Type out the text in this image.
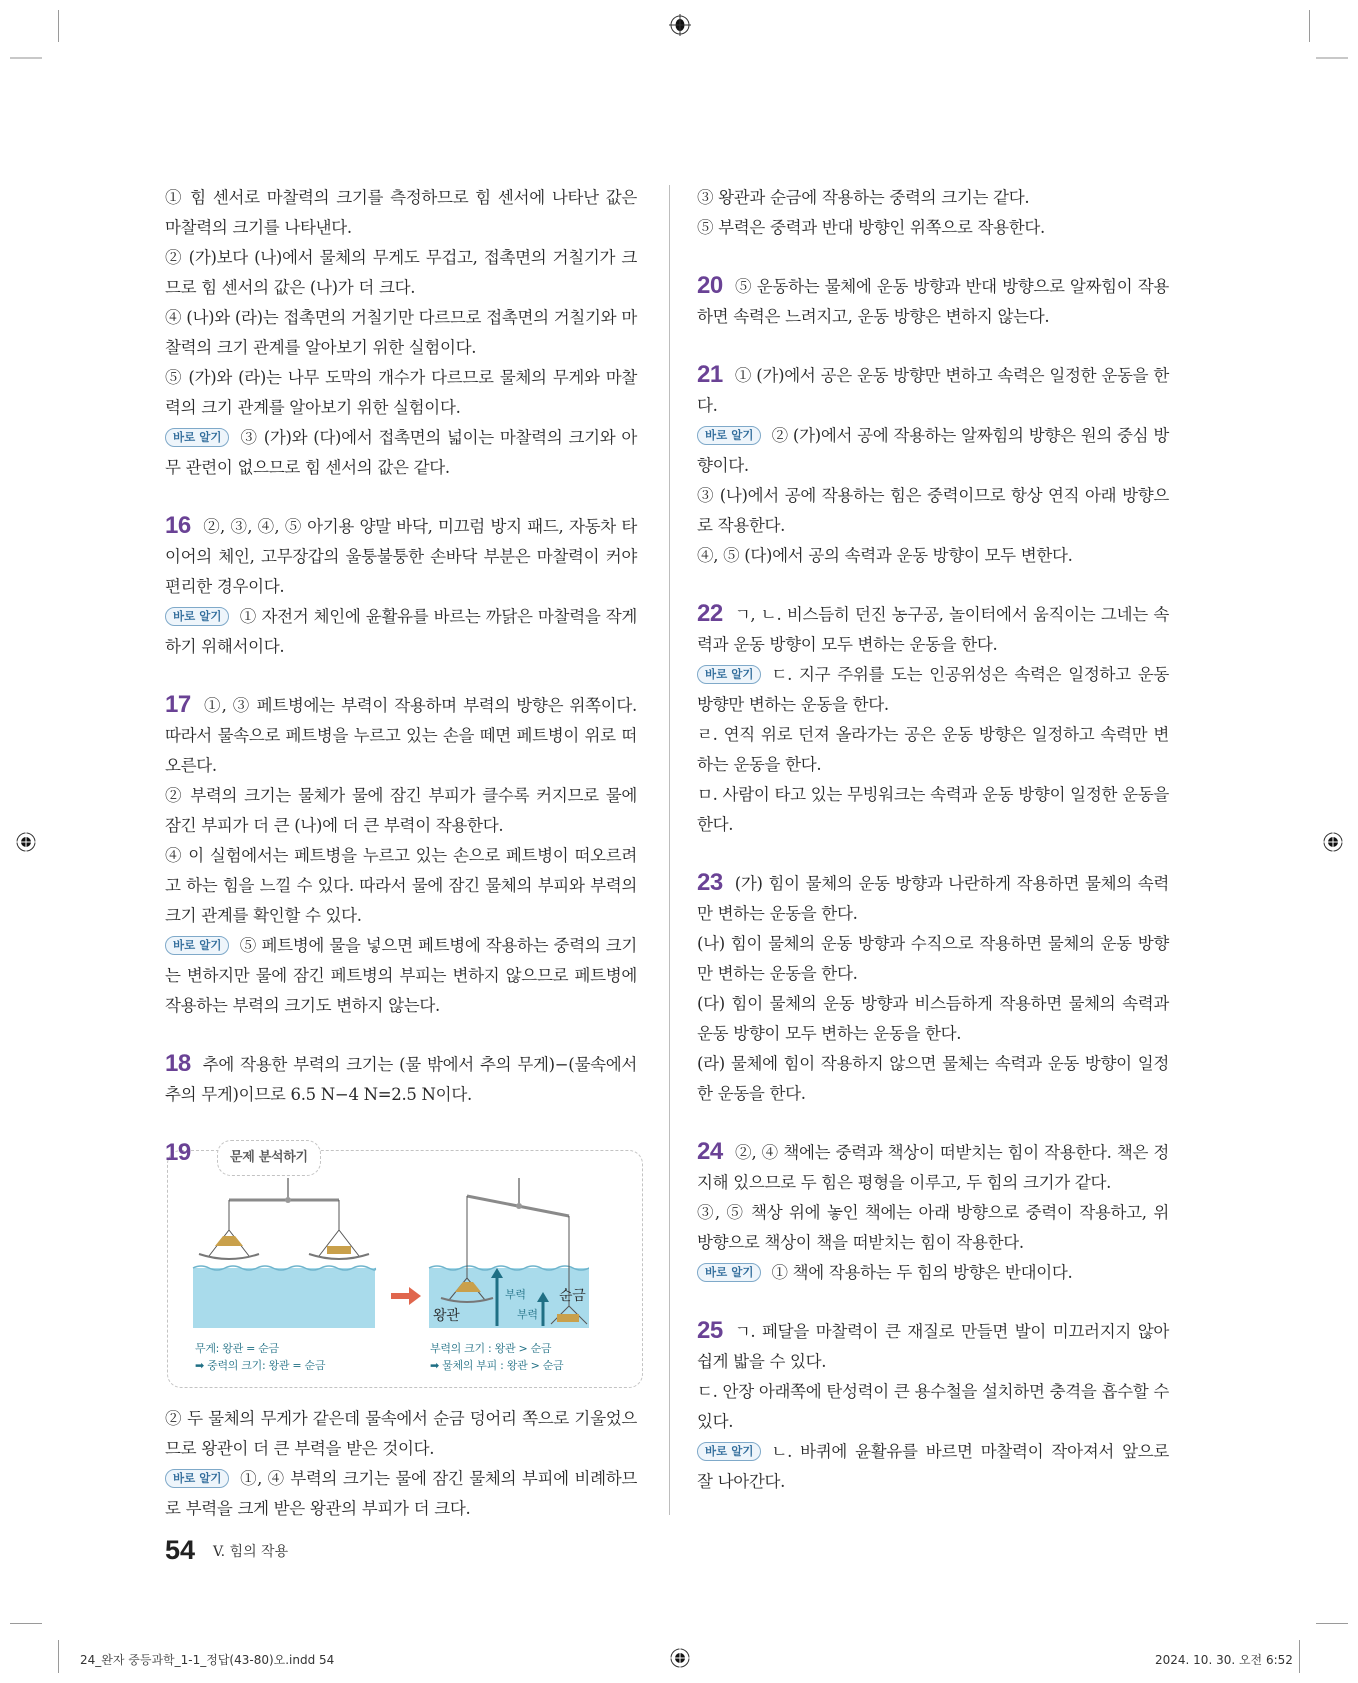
① 힘 센서로 마찰력의 크기를 측정하므로 힘 센서에 나타난 값은 마찰력의 크기를 나타낸다.

② (가)보다 (나)에서 물체의 무게도 무겁고, 접촉면의 거칠기가 크므로 힘 센서의 값은 (나)가 더 크다.

④ (나)와 (라)는 접촉면의 거칠기만 다르므로 접촉면의 거칠기와 마찰력의 크기 관계를 알아보기 위한 실험이다.

⑤ (가)와 (라)는 나무 도막의 개수가 다르므로 물체의 무게와 마찰력의 크기 관계를 알아보기 위한 실험이다.

바로 알기 ③ (가)와 (다)에서 접촉면의 넓이는 마찰력의 크기와 아무 관련이 없으므로 힘 센서의 값은 같다.

16 ②, ③, ④, ⑤ 아기용 양말 바닥, 미끄럼 방지 패드, 자동차 타이어의 체인, 고무장갑의 울퉁불퉁한 손바닥 부분은 마찰력이 커야 편리한 경우이다.

바로 알기 ① 자전거 체인에 윤활유를 바르는 까닭은 마찰력을 작게 하기 위해서이다.

17 ①, ③ 페트병에는 부력이 작용하며 부력의 방향은 위쪽이다. 따라서 물속으로 페트병을 누르고 있는 손을 떼면 페트병이 위로 떠오른다.

② 부력의 크기는 물체가 물에 잠긴 부피가 클수록 커지므로 물에 잠긴 부피가 더 큰 (나)에 더 큰 부력이 작용한다.

④ 이 실험에서는 페트병을 누르고 있는 손으로 페트병이 떠오르려고 하는 힘을 느낄 수 있다. 따라서 물에 잠긴 물체의 부피와 부력의 크기 관계를 확인할 수 있다.

바로 알기 ⑤ 페트병에 물을 넣으면 페트병에 작용하는 중력의 크기는 변하지만 물에 잠긴 페트병의 부피는 변하지 않으므로 페트병에 작용하는 부력의 크기도 변하지 않는다.

18 추에 작용한 부력의 크기는 (물 밖에서 추의 무게)−(물속에서 추의 무게)이므로 6.5 N−4 N=2.5 N이다.

19	문제 분석하기
왕관
순금
부력
부력
무게: 왕관 = 순금
➡ 중력의 크기: 왕관 = 순금
부력의 크기 : 왕관 > 순금
➡ 물체의 부피 : 왕관 > 순금

② 두 물체의 무게가 같은데 물속에서 순금 덩어리 쪽으로 기울었으므로 왕관이 더 큰 부력을 받은 것이다.

바로 알기 ①, ④ 부력의 크기는 물에 잠긴 물체의 부피에 비례하므로 부력을 크게 받은 왕관의 부피가 더 크다.

③ 왕관과 순금에 작용하는 중력의 크기는 같다.

⑤ 부력은 중력과 반대 방향인 위쪽으로 작용한다.

20 ⑤ 운동하는 물체에 운동 방향과 반대 방향으로 알짜힘이 작용하면 속력은 느려지고, 운동 방향은 변하지 않는다.

21 ① (가)에서 공은 운동 방향만 변하고 속력은 일정한 운동을 한다.

바로 알기 ② (가)에서 공에 작용하는 알짜힘의 방향은 원의 중심 방향이다.

③ (나)에서 공에 작용하는 힘은 중력이므로 항상 연직 아래 방향으로 작용한다.

④, ⑤ (다)에서 공의 속력과 운동 방향이 모두 변한다.

22 ㄱ, ㄴ. 비스듬히 던진 농구공, 놀이터에서 움직이는 그네는 속력과 운동 방향이 모두 변하는 운동을 한다.

바로 알기 ㄷ. 지구 주위를 도는 인공위성은 속력은 일정하고 운동 방향만 변하는 운동을 한다.

ㄹ. 연직 위로 던져 올라가는 공은 운동 방향은 일정하고 속력만 변하는 운동을 한다.

ㅁ. 사람이 타고 있는 무빙워크는 속력과 운동 방향이 일정한 운동을 한다.

23 (가) 힘이 물체의 운동 방향과 나란하게 작용하면 물체의 속력만 변하는 운동을 한다.

(나) 힘이 물체의 운동 방향과 수직으로 작용하면 물체의 운동 방향만 변하는 운동을 한다.

(다) 힘이 물체의 운동 방향과 비스듬하게 작용하면 물체의 속력과 운동 방향이 모두 변하는 운동을 한다.

(라) 물체에 힘이 작용하지 않으면 물체는 속력과 운동 방향이 일정한 운동을 한다.

24 ②, ④ 책에는 중력과 책상이 떠받치는 힘이 작용한다. 책은 정지해 있으므로 두 힘은 평형을 이루고, 두 힘의 크기가 같다.

③, ⑤ 책상 위에 놓인 책에는 아래 방향으로 중력이 작용하고, 위 방향으로 책상이 책을 떠받치는 힘이 작용한다.

바로 알기 ① 책에 작용하는 두 힘의 방향은 반대이다.

25 ㄱ. 페달을 마찰력이 큰 재질로 만들면 발이 미끄러지지 않아 쉽게 밟을 수 있다.

ㄷ. 안장 아래쪽에 탄성력이 큰 용수철을 설치하면 충격을 흡수할 수 있다.

바로 알기 ㄴ. 바퀴에 윤활유를 바르면 마찰력이 작아져서 앞으로 잘 나아간다.

54 V. 힘의 작용
24_완자 중등과학_1-1_정답(43-80)오.indd 54	2024. 10. 30. 오전 6:52
